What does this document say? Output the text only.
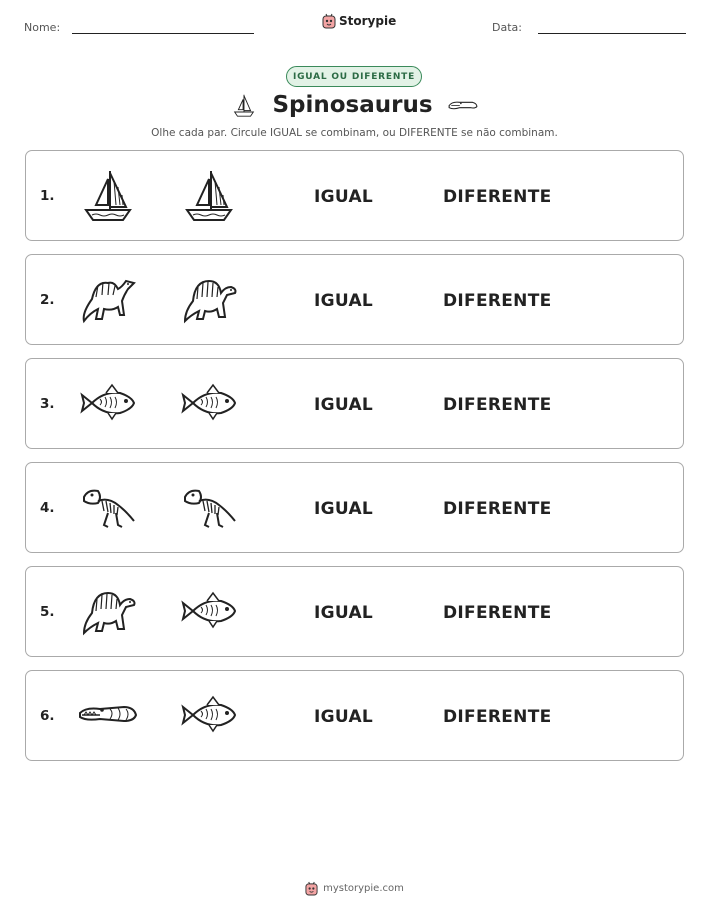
Nome:	Storypie	Data:
IGUAL OU DIFERENTE
Spinosaurus
Olhe cada par. Circule IGUAL se combinam, ou DIFERENTE se não combinam.
1.	IGUAL	DIFERENTE
2.	IGUAL	DIFERENTE
3.	IGUAL	DIFERENTE
4.	IGUAL	DIFERENTE
5.	IGUAL	DIFERENTE
6.	IGUAL	DIFERENTE
mystorypie.com
